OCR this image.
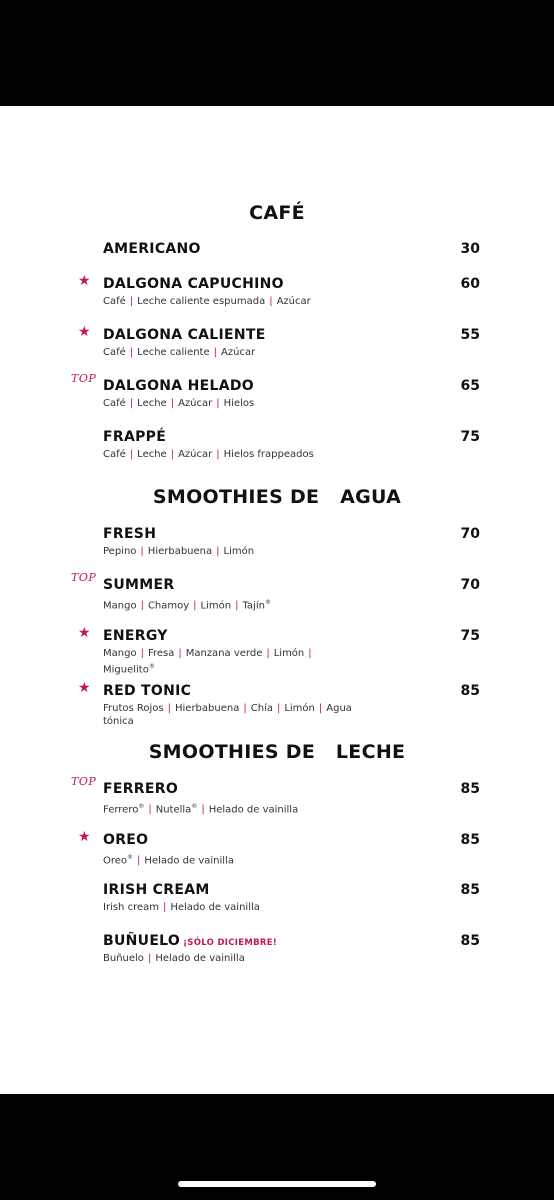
CAFÉ
AMERICANO	30
★ DALGONA CAPUCHINO	60
Café | Leche caliente espumada | Azúcar
★ DALGONA CALIENTE	55
Café | Leche caliente | Azúcar
TOP DALGONA HELADO	65
Café | Leche | Azúcar | Hielos
FRAPPÉ	75
Café | Leche | Azúcar | Hielos frappeados
SMOOTHIES DE   AGUA
FRESH	70
Pepino | Hierbabuena | Limón
TOP SUMMER	70
Mango | Chamoy | Limón | Tajín®
★ ENERGY	75
Mango | Fresa | Manzana verde | Limón |
Miguelito®
★ RED TONIC	85
Frutos Rojos | Hierbabuena | Chía | Limón | Agua tónica
SMOOTHIES DE   LECHE
TOP FERRERO	85
Ferrero® | Nutella® | Helado de vainilla
★ OREO	85
Oreo® | Helado de vainilla
IRISH CREAM	85
Irish cream | Helado de vainilla
BUÑUELO ¡SÓLO DICIEMBRE!	85
Buñuelo | Helado de vainilla
